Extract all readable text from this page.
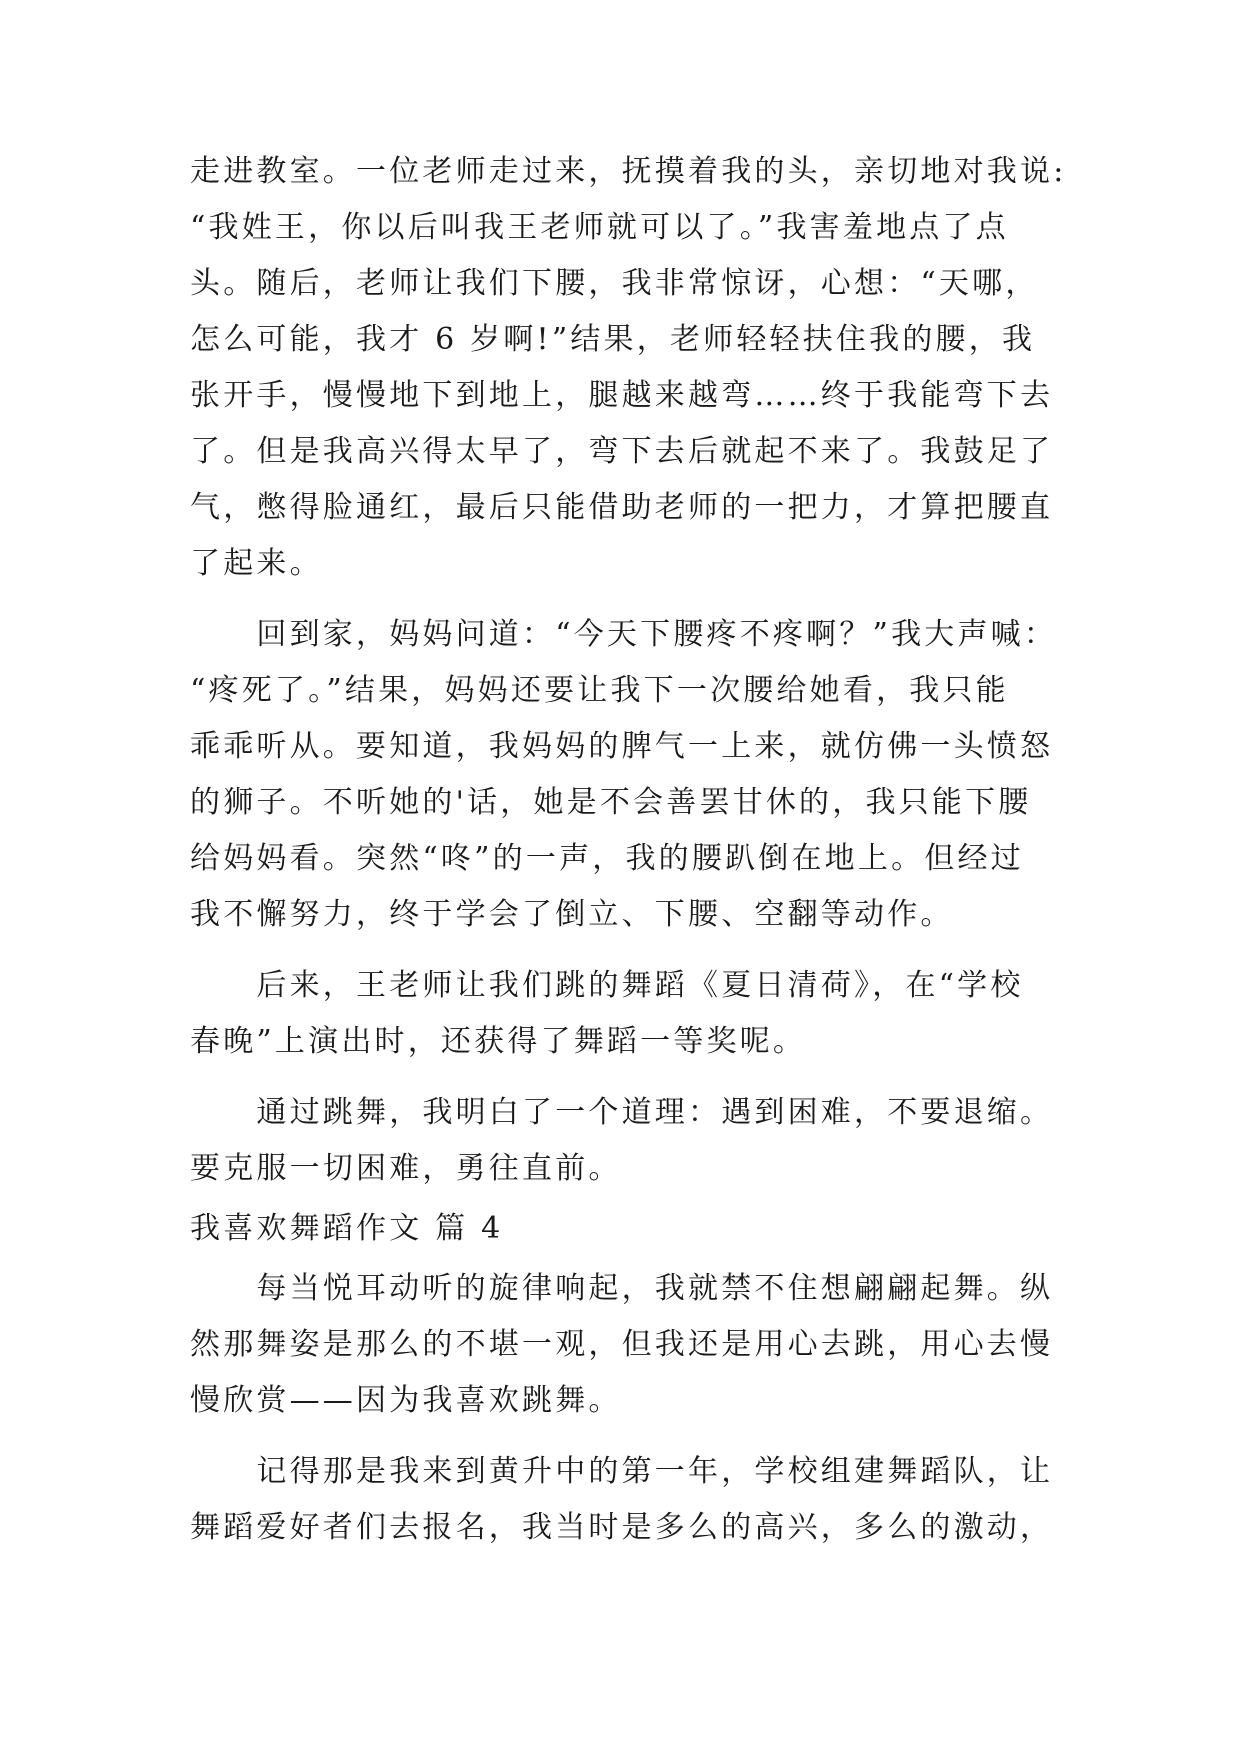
走进教室。一位老师走过来，抚摸着我的头，亲切地对我说:
“我姓王，你以后叫我王老师就可以了。”我害羞地点了点
头。随后，老师让我们下腰，我非常惊讶，心想：“天哪，
怎么可能，我才 6 岁啊!”结果，老师轻轻扶住我的腰，我
张开手，慢慢地下到地上，腿越来越弯……终于我能弯下去
了。但是我高兴得太早了，弯下去后就起不来了。我鼓足了
气，憋得脸通红，最后只能借助老师的一把力，才算把腰直
了起来。
　　回到家，妈妈问道：“今天下腰疼不疼啊？”我大声喊：
“疼死了。”结果，妈妈还要让我下一次腰给她看，我只能
乖乖听从。要知道，我妈妈的脾气一上来，就仿佛一头愤怒
的狮子。不听她的'话，她是不会善罢甘休的，我只能下腰
给妈妈看。突然“咚”的一声，我的腰趴倒在地上。但经过
我不懈努力，终于学会了倒立、下腰、空翻等动作。
　　后来，王老师让我们跳的舞蹈《夏日清荷》，在“学校
春晚”上演出时，还获得了舞蹈一等奖呢。
　　通过跳舞，我明白了一个道理：遇到困难，不要退缩。
要克服一切困难，勇往直前。
我喜欢舞蹈作文 篇 4
　　每当悦耳动听的旋律响起，我就禁不住想翩翩起舞。纵
然那舞姿是那么的不堪一观，但我还是用心去跳，用心去慢
慢欣赏——因为我喜欢跳舞。
　　记得那是我来到黄升中的第一年，学校组建舞蹈队，让
舞蹈爱好者们去报名，我当时是多么的高兴，多么的激动，
